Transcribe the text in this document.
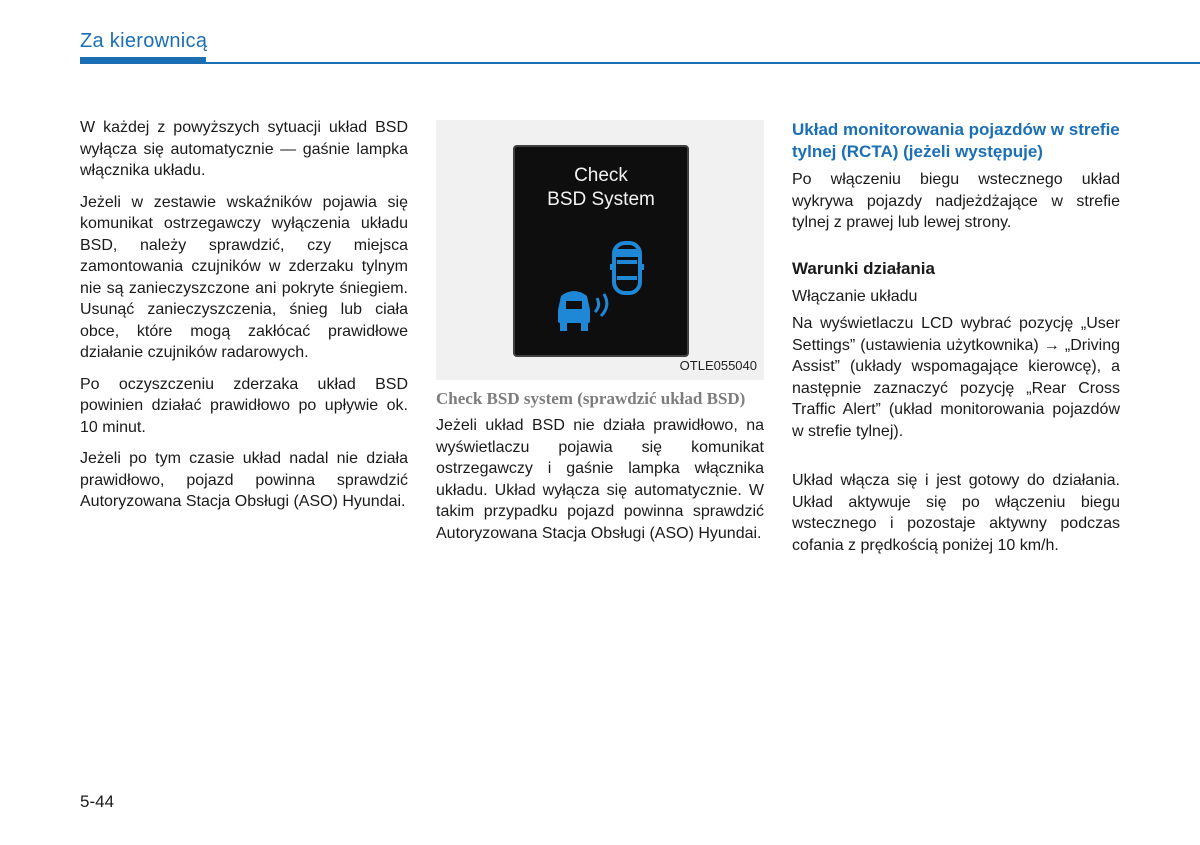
Za kierownicą

W każdej z powyższych sytuacji układ BSD wyłącza się automatycznie — gaśnie lampka włącznika układu.

Jeżeli w zestawie wskaźników pojawia się komunikat ostrzegawczy wyłączenia układu BSD, należy sprawdzić, czy miejsca zamontowania czujników w zderzaku tylnym nie są zanieczyszczone ani pokryte śniegiem. Usunąć zanieczyszczenia, śnieg lub ciała obce, które mogą zakłócać prawidłowe działanie czujników radarowych.

Po oczyszczeniu zderzaka układ BSD powinien działać prawidłowo po upływie ok. 10 minut.

Jeżeli po tym czasie układ nadal nie działa prawidłowo, pojazd powinna sprawdzić Autoryzowana Stacja Obsługi (ASO) Hyundai.

Check
BSD System
OTLE055040
Check BSD system (sprawdzić układ BSD)

Jeżeli układ BSD nie działa prawidłowo, na wyświetlaczu pojawia się komunikat ostrzegawczy i gaśnie lampka włącznika układu. Układ wyłącza się automatycznie. W takim przypadku pojazd powinna sprawdzić Autoryzowana Stacja Obsługi (ASO) Hyundai.

Układ monitorowania pojazdów w strefie tylnej (RCTA) (jeżeli występuje)

Po włączeniu biegu wstecznego układ wykrywa pojazdy nadjeżdżające w strefie tylnej z prawej lub lewej strony.

Warunki działania
Włączanie układu

Na wyświetlaczu LCD wybrać pozycję „User Settings” (ustawienia użytkownika) → „Driving Assist” (układy wspomagające kierowcę), a następnie zaznaczyć pozycję „Rear Cross Traffic Alert” (układ monitorowania pojazdów w strefie tylnej).

Układ włącza się i jest gotowy do działania. Układ aktywuje się po włączeniu biegu wstecznego i pozostaje aktywny podczas cofania z prędkością poniżej 10 km/h.

5-44
